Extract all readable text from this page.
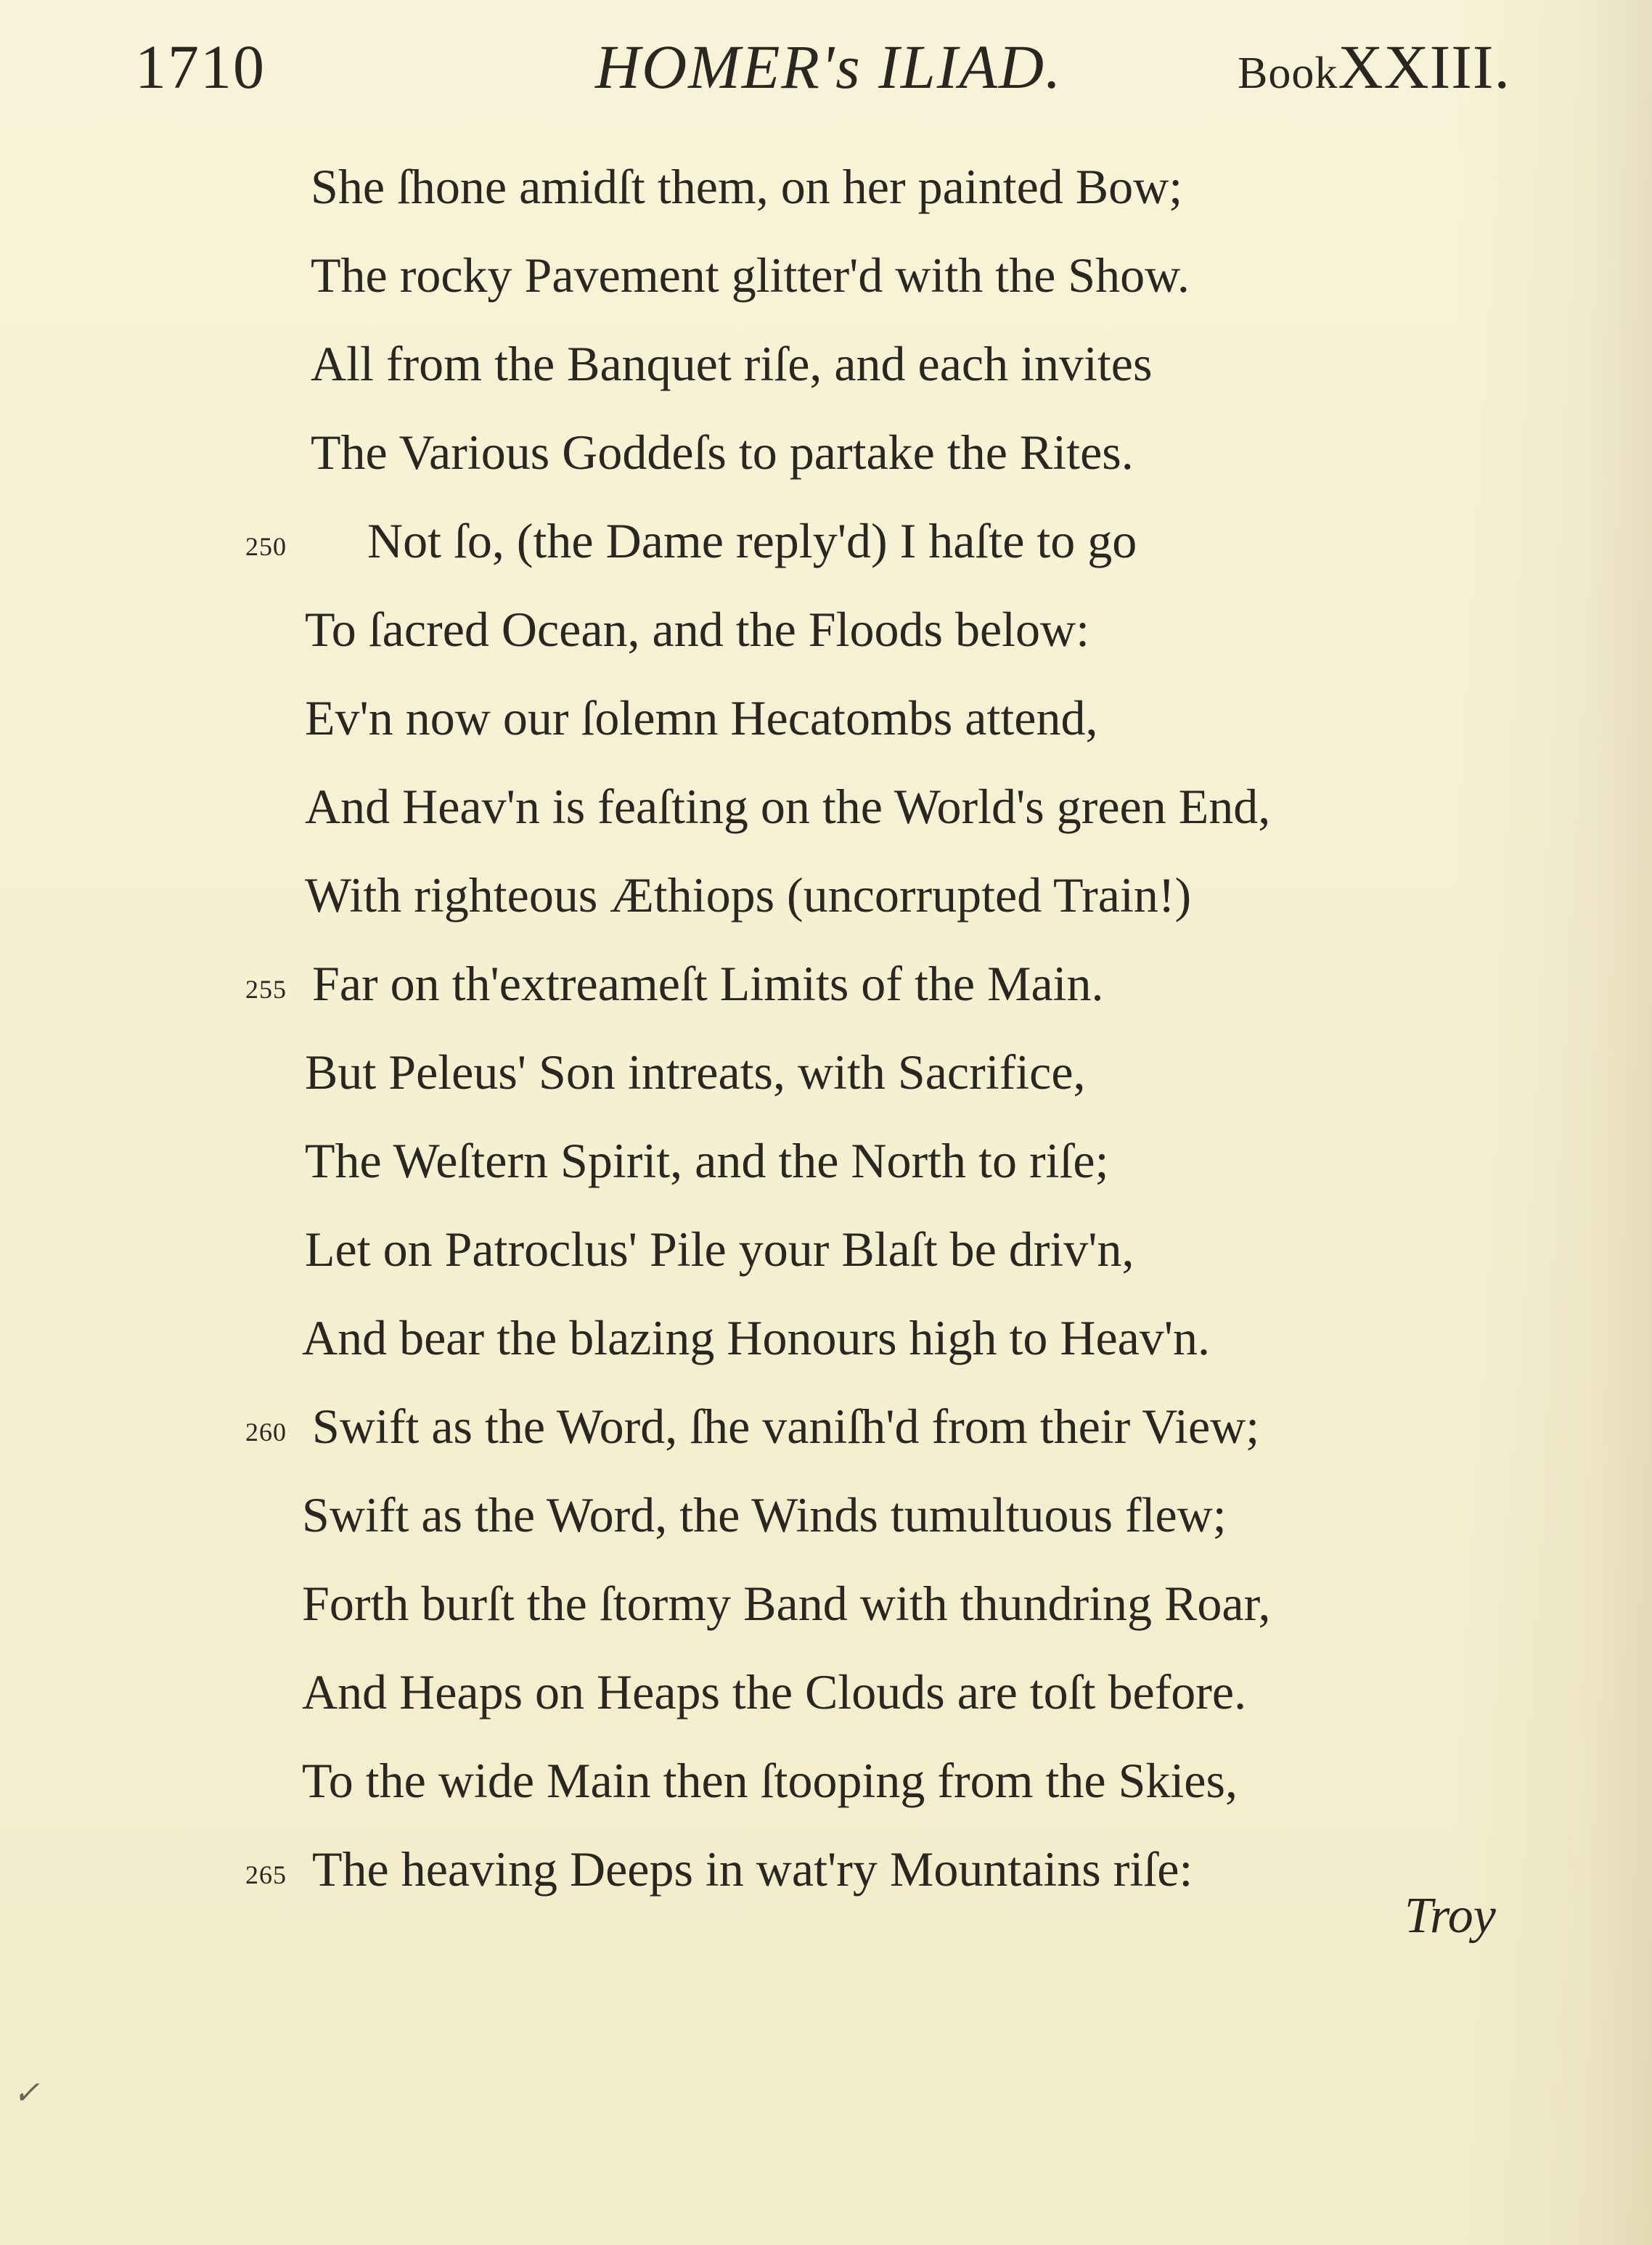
1710	HOMER's ILIAD.	BookXXIII.
She ſhone amidſt them, on her painted Bow;
The rocky Pavement glitter'd with the Show.
All from the Banquet riſe, and each invites
The Various Goddeſs to partake the Rites.
250 Not ſo, (the Dame reply'd) I haſte to go
To ſacred Ocean, and the Floods below:
Ev'n now our ſolemn Hecatombs attend,
And Heav'n is feaſting on the World's green End,
With righteous Æthiops (uncorrupted Train!)
255 Far on th'extreameſt Limits of the Main.
But Peleus' Son intreats, with Sacrifice,
The Weſtern Spirit, and the North to riſe;
Let on Patroclus' Pile your Blaſt be driv'n,
And bear the blazing Honours high to Heav'n.
260 Swift as the Word, ſhe vaniſh'd from their View;
Swift as the Word, the Winds tumultuous flew;
Forth burſt the ſtormy Band with thundring Roar,
And Heaps on Heaps the Clouds are toſt before.
To the wide Main then ſtooping from the Skies,
265 The heaving Deeps in wat'ry Mountains riſe:
Troy
✓
